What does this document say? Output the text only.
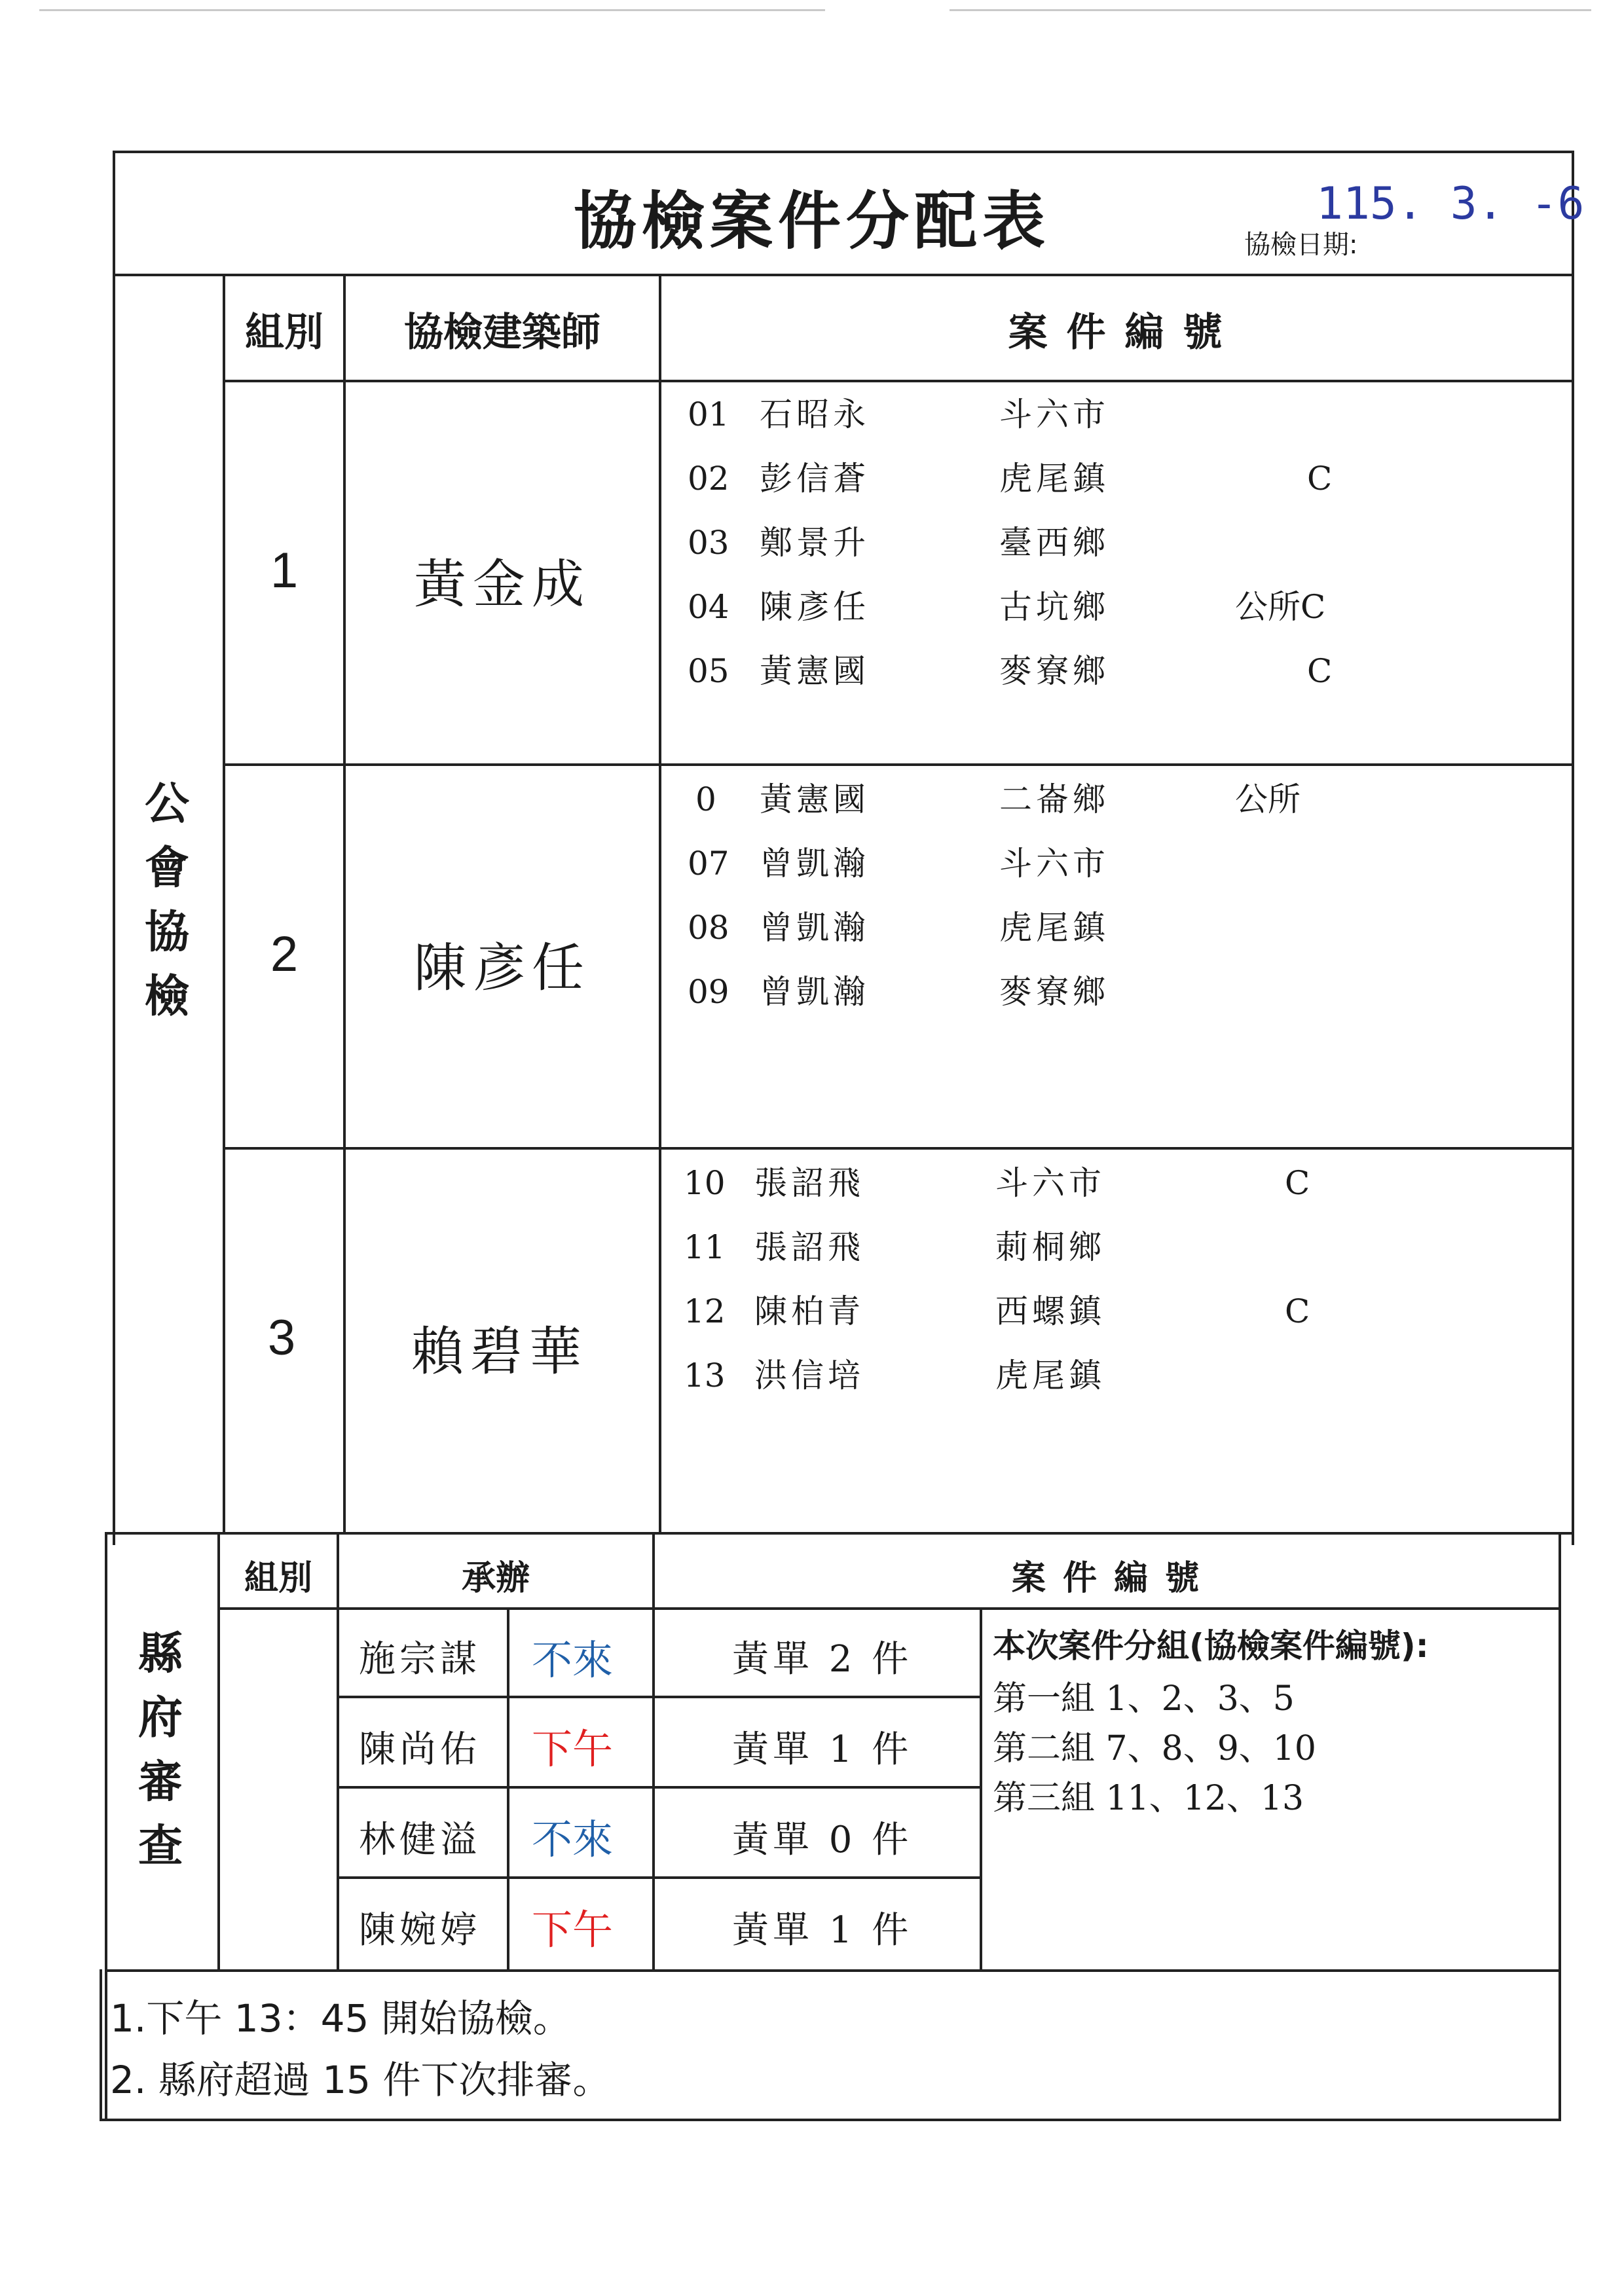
協檢案件分配表	115. 3. -6
協檢日期:
公
會
協
檢
組別	協檢建築師	案 件 編 號
1	黃金成
01 石昭永	斗六市
02 彭信蒼	虎尾鎮	C
03 鄭景升	臺西鄉
04 陳彥任	古坑鄉	公所C
05 黃憲國	麥寮鄉	C
2	陳彥任
0 黃憲國	二崙鄉	公所
07 曾凱瀚	斗六市
08 曾凱瀚	虎尾鎮
09 曾凱瀚	麥寮鄉
3	賴碧華
10 張詔飛	斗六市	C
11 張詔飛	莿桐鄉
12 陳柏青	西螺鎮	C
13 洪信培	虎尾鎮
縣
府
審
查
組別	承辦	案 件 編 號
施宗謀 不來	黃單 2 件
陳尚佑 下午	黃單 1 件
林健溢 不來	黃單 0 件
陳婉婷 下午	黃單 1 件
本次案件分組(協檢案件編號):
第一組 1、2、3、5
第二組 7、8、9、10
第三組 11、12、13
1.下午 13：45 開始協檢。
2. 縣府超過 15 件下次排審。
